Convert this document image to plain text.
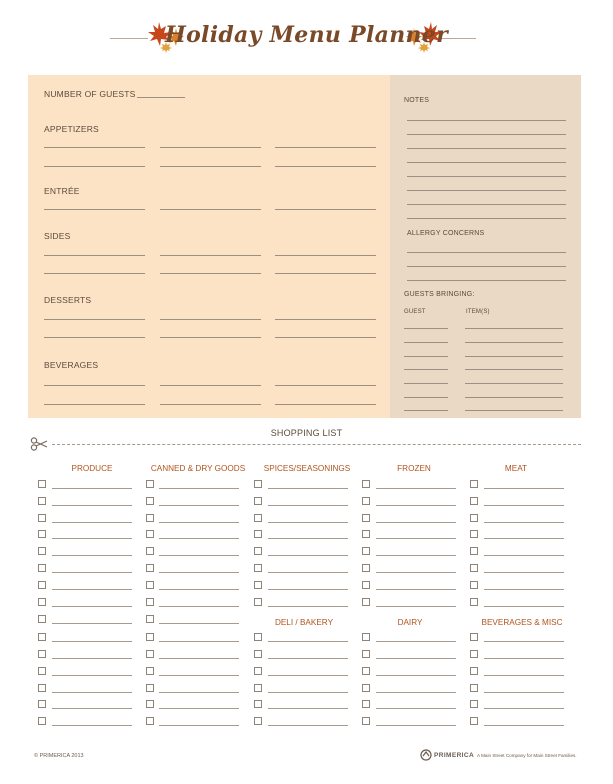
Holiday Menu Planner
NUMBER OF GUESTS
APPETIZERS
ENTRÉE
SIDES
DESSERTS
BEVERAGES
NOTES
ALLERGY CONCERNS
GUESTS BRINGING:
GUEST	ITEM(S)
SHOPPING LIST
PRODUCE	CANNED & DRY GOODS	SPICES/SEASONINGS	FROZEN	MEAT
DELI / BAKERY	DAIRY	BEVERAGES & MISC
© PRIMERICA 2013	PRIMERICA A Main Street Company for Main Street Families.
